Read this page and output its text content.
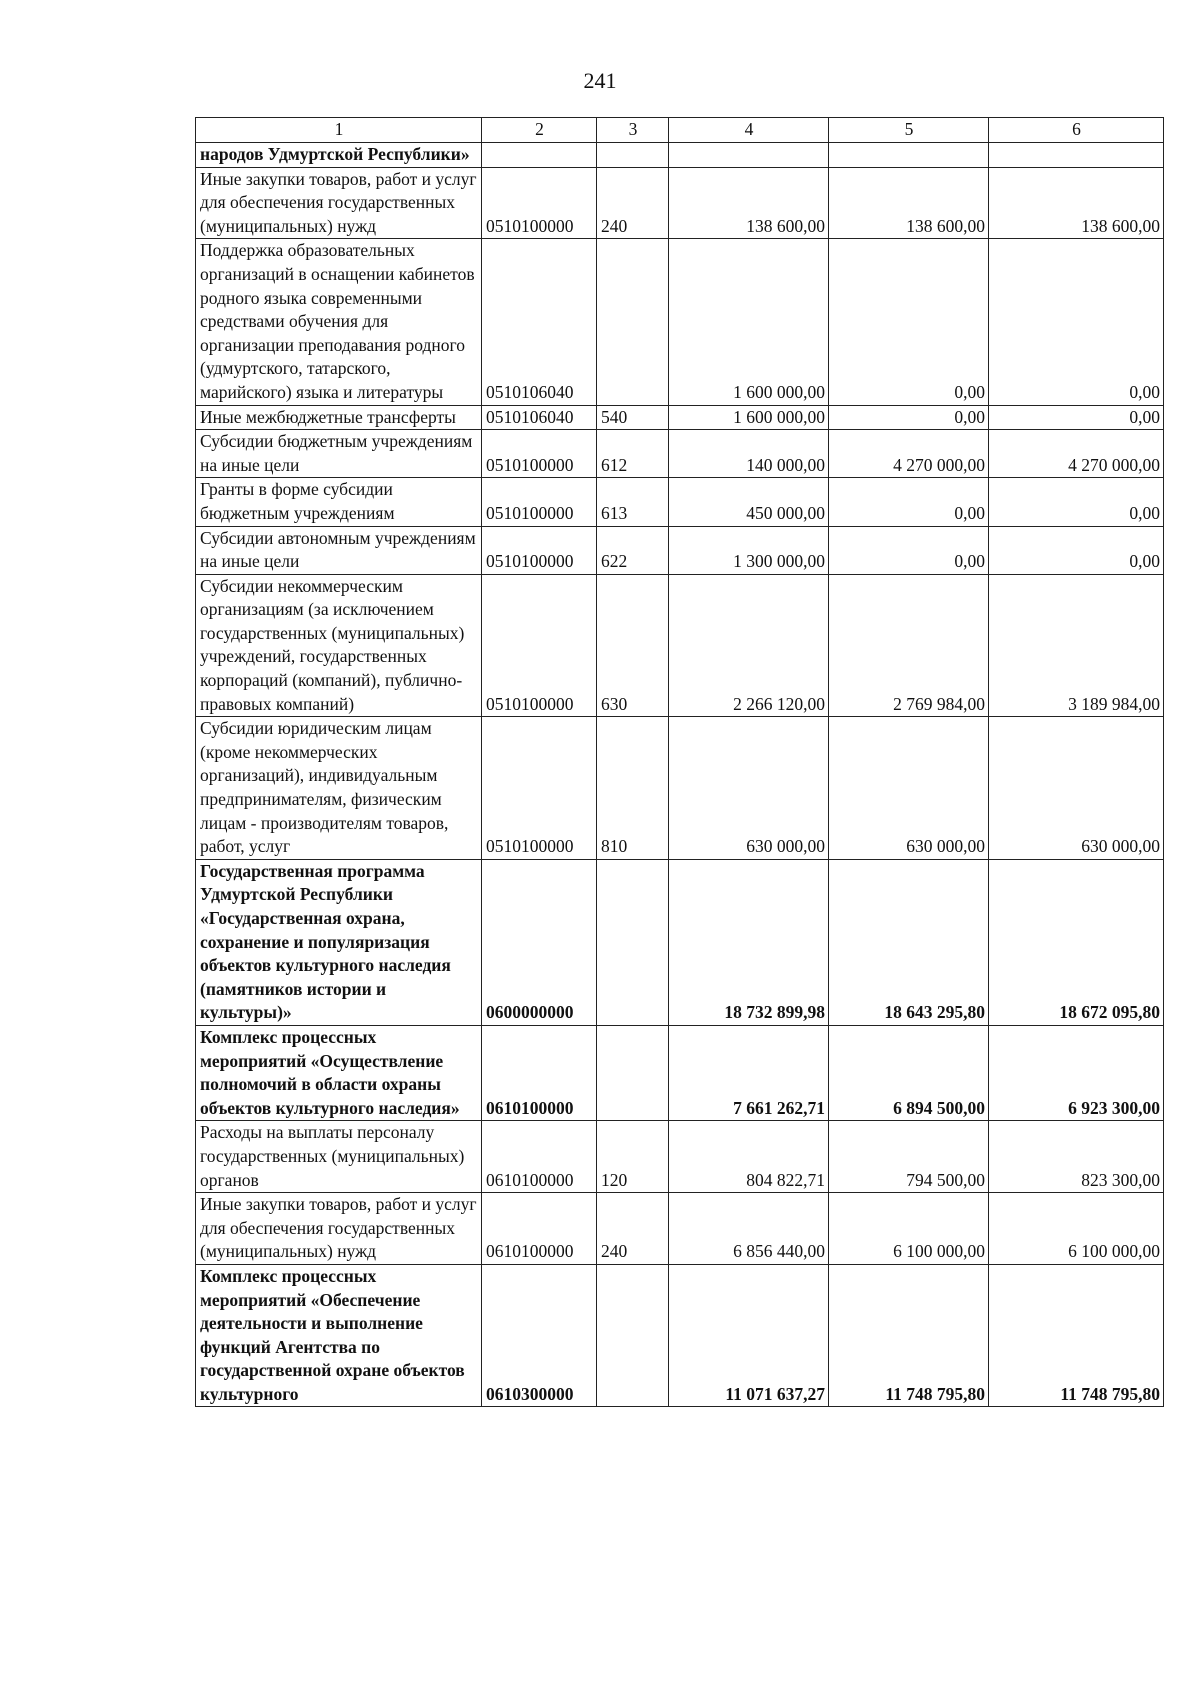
241
1	2	3	4	5	6
народов Удмуртской Республики»					
Иные закупки товаров, работ и услуг для обеспечения государственных (муниципальных) нужд	0510100000	240	138 600,00	138 600,00	138 600,00
Поддержка образовательных организаций в оснащении кабинетов родного языка современными средствами обучения для организации преподавания родного (удмуртского, татарского, марийского) языка и литературы	0510106040		1 600 000,00	0,00	0,00
Иные межбюджетные трансферты	0510106040	540	1 600 000,00	0,00	0,00
Субсидии бюджетным учреждениям на иные цели	0510100000	612	140 000,00	4 270 000,00	4 270 000,00
Гранты в форме субсидии бюджетным учреждениям	0510100000	613	450 000,00	0,00	0,00
Субсидии автономным учреждениям на иные цели	0510100000	622	1 300 000,00	0,00	0,00
Субсидии некоммерческим организациям (за исключением государственных (муниципальных) учреждений, государственных корпораций (компаний), публично-правовых компаний)	0510100000	630	2 266 120,00	2 769 984,00	3 189 984,00
Субсидии юридическим лицам (кроме некоммерческих организаций), индивидуальным предпринимателям, физическим лицам - производителям товаров, работ, услуг	0510100000	810	630 000,00	630 000,00	630 000,00
Государственная программа Удмуртской Республики «Государственная охрана, сохранение и популяризация объектов культурного наследия (памятников истории и культуры)»	0600000000		18 732 899,98	18 643 295,80	18 672 095,80
Комплекс процессных мероприятий «Осуществление полномочий в области охраны объектов культурного наследия»	0610100000		7 661 262,71	6 894 500,00	6 923 300,00
Расходы на выплаты персоналу государственных (муниципальных) органов	0610100000	120	804 822,71	794 500,00	823 300,00
Иные закупки товаров, работ и услуг для обеспечения государственных (муниципальных) нужд	0610100000	240	6 856 440,00	6 100 000,00	6 100 000,00
Комплекс процессных мероприятий «Обеспечение деятельности и выполнение функций Агентства по государственной охране объектов культурного	0610300000		11 071 637,27	11 748 795,80	11 748 795,80
